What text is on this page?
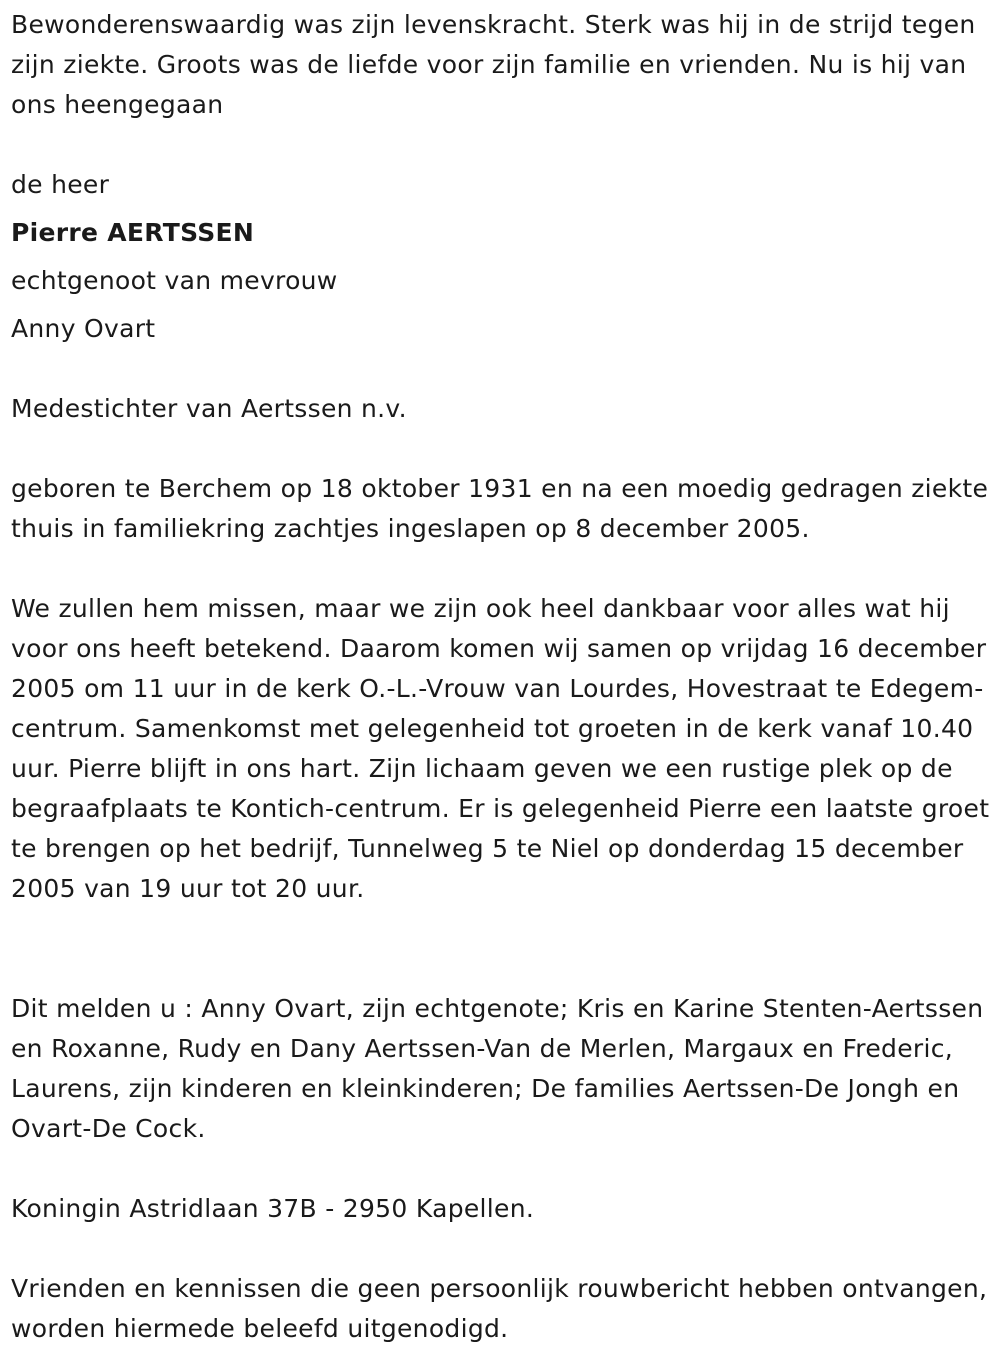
Bewonderenswaardig was zijn levenskracht. Sterk was hij in de strijd tegen zijn ziekte. Groots was de liefde voor zijn familie en vrienden. Nu is hij van ons heengegaan

de heer

Pierre AERTSSEN

echtgenoot van mevrouw

Anny Ovart

Medestichter van Aertssen n.v.

geboren te Berchem op 18 oktober 1931 en na een moedig gedragen ziekte thuis in familiekring zachtjes ingeslapen op 8 december 2005.

We zullen hem missen, maar we zijn ook heel dankbaar voor alles wat hij voor ons heeft betekend. Daarom komen wij samen op vrijdag 16 december 2005 om 11 uur in de kerk O.-L.-Vrouw van Lourdes, Hovestraat te Edegem-centrum. Samenkomst met gelegenheid tot groeten in de kerk vanaf 10.40 uur. Pierre blijft in ons hart. Zijn lichaam geven we een rustige plek op de begraafplaats te Kontich-centrum. Er is gelegenheid Pierre een laatste groet te brengen op het bedrijf, Tunnelweg 5 te Niel op donderdag 15 december 2005 van 19 uur tot 20 uur.

Dit melden u : Anny Ovart, zijn echtgenote; Kris en Karine Stenten-Aertssen en Roxanne, Rudy en Dany Aertssen-Van de Merlen, Margaux en Frederic, Laurens, zijn kinderen en kleinkinderen; De families Aertssen-De Jongh en Ovart-De Cock.

Koningin Astridlaan 37B - 2950 Kapellen.

Vrienden en kennissen die geen persoonlijk rouwbericht hebben ontvangen, worden hiermede beleefd uitgenodigd.
